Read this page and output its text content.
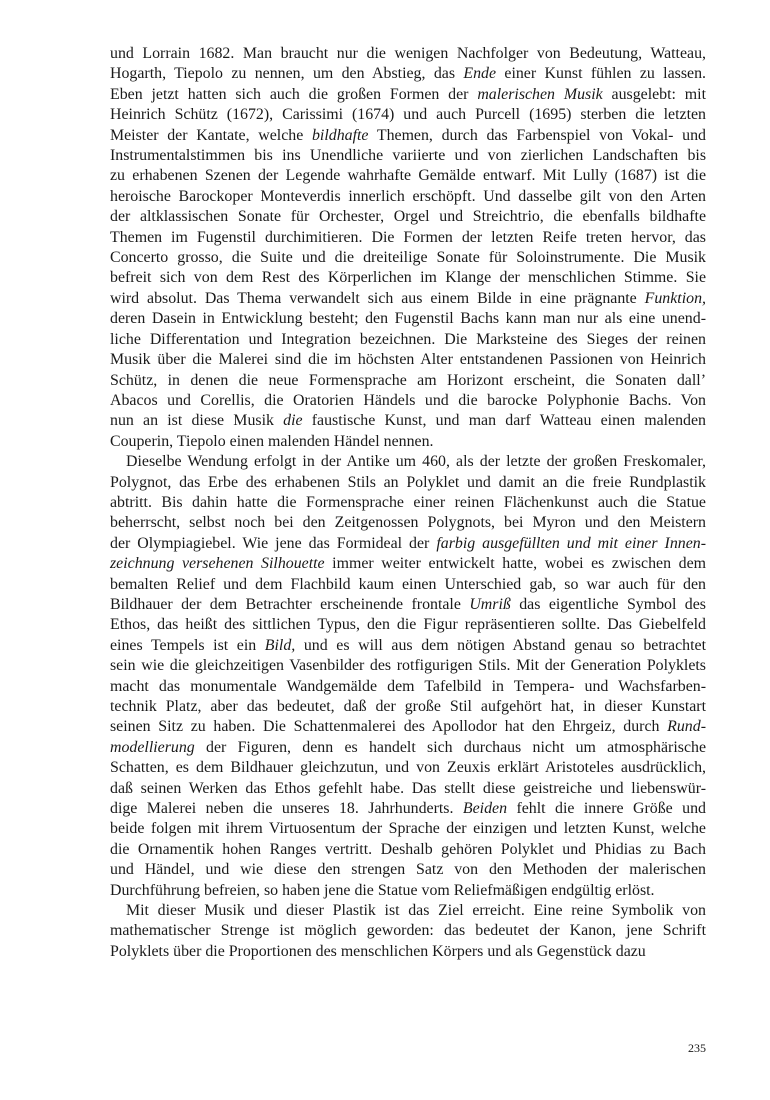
und Lorrain 1682. Man braucht nur die wenigen Nachfolger von Bedeutung, Watteau,
Hogarth, Tiepolo zu nennen, um den Abstieg, das Ende einer Kunst fühlen zu lassen.
Eben jetzt hatten sich auch die großen Formen der malerischen Musik ausgelebt: mit
Heinrich Schütz (1672), Carissimi (1674) und auch Purcell (1695) sterben die letzten
Meister der Kantate, welche bildhafte Themen, durch das Farbenspiel von Vokal- und
Instrumentalstimmen bis ins Unendliche variierte und von zierlichen Landschaften bis
zu erhabenen Szenen der Legende wahrhafte Gemälde entwarf. Mit Lully (1687) ist die
heroische Barockoper Monteverdis innerlich erschöpft. Und dasselbe gilt von den Arten
der altklassischen Sonate für Orchester, Orgel und Streichtrio, die ebenfalls bildhafte
Themen im Fugenstil durchimitieren. Die Formen der letzten Reife treten hervor, das
Concerto grosso, die Suite und die dreiteilige Sonate für Soloinstrumente. Die Musik
befreit sich von dem Rest des Körperlichen im Klange der menschlichen Stimme. Sie
wird absolut. Das Thema verwandelt sich aus einem Bilde in eine prägnante Funktion,
deren Dasein in Entwicklung besteht; den Fugenstil Bachs kann man nur als eine unend-
liche Differentation und Integration bezeichnen. Die Marksteine des Sieges der reinen
Musik über die Malerei sind die im höchsten Alter entstandenen Passionen von Heinrich
Schütz, in denen die neue Formensprache am Horizont erscheint, die Sonaten dall’
Abacos und Corellis, die Oratorien Händels und die barocke Polyphonie Bachs. Von
nun an ist diese Musik die faustische Kunst, und man darf Watteau einen malenden
Couperin, Tiepolo einen malenden Händel nennen.

Dieselbe Wendung erfolgt in der Antike um 460, als der letzte der großen Freskomaler,
Polygnot, das Erbe des erhabenen Stils an Polyklet und damit an die freie Rundplastik
abtritt. Bis dahin hatte die Formensprache einer reinen Flächenkunst auch die Statue
beherrscht, selbst noch bei den Zeitgenossen Polygnots, bei Myron und den Meistern
der Olympiagiebel. Wie jene das Formideal der farbig ausgefüllten und mit einer Innen-
zeichnung versehenen Silhouette immer weiter entwickelt hatte, wobei es zwischen dem
bemalten Relief und dem Flachbild kaum einen Unterschied gab, so war auch für den
Bildhauer der dem Betrachter erscheinende frontale Umriß das eigentliche Symbol des
Ethos, das heißt des sittlichen Typus, den die Figur repräsentieren sollte. Das Giebelfeld
eines Tempels ist ein Bild, und es will aus dem nötigen Abstand genau so betrachtet
sein wie die gleichzeitigen Vasenbilder des rotfigurigen Stils. Mit der Generation Polyklets
macht das monumentale Wandgemälde dem Tafelbild in Tempera- und Wachsfarben-
technik Platz, aber das bedeutet, daß der große Stil aufgehört hat, in dieser Kunstart
seinen Sitz zu haben. Die Schattenmalerei des Apollodor hat den Ehrgeiz, durch Rund-
modellierung der Figuren, denn es handelt sich durchaus nicht um atmosphärische
Schatten, es dem Bildhauer gleichzutun, und von Zeuxis erklärt Aristoteles ausdrücklich,
daß seinen Werken das Ethos gefehlt habe. Das stellt diese geistreiche und liebenswür-
dige Malerei neben die unseres 18. Jahrhunderts. Beiden fehlt die innere Größe und
beide folgen mit ihrem Virtuosentum der Sprache der einzigen und letzten Kunst, welche
die Ornamentik hohen Ranges vertritt. Deshalb gehören Polyklet und Phidias zu Bach
und Händel, und wie diese den strengen Satz von den Methoden der malerischen
Durchführung befreien, so haben jene die Statue vom Reliefmäßigen endgültig erlöst.

Mit dieser Musik und dieser Plastik ist das Ziel erreicht. Eine reine Symbolik von
mathematischer Strenge ist möglich geworden: das bedeutet der Kanon, jene Schrift
Polyklets über die Proportionen des menschlichen Körpers und als Gegenstück dazu

235
